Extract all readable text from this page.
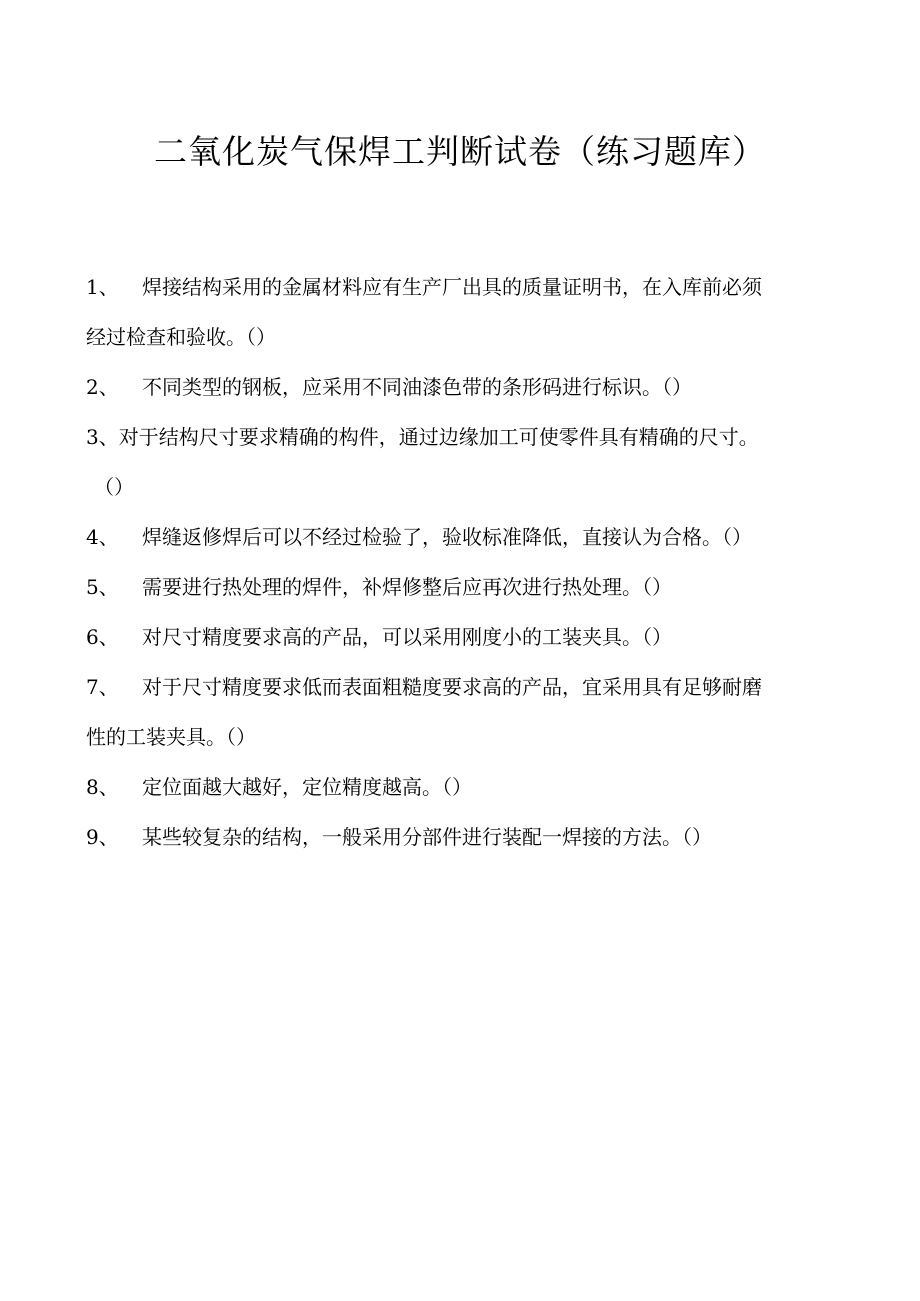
二氧化炭气保焊工判断试卷（练习题库）
1、 焊接结构采用的金属材料应有生产厂出具的质量证明书，在入库前必须
经过检查和验收。（）
2、 不同类型的钢板，应采用不同油漆色带的条形码进行标识。（）
3、对于结构尺寸要求精确的构件，通过边缘加工可使零件具有精确的尺寸。
（）
4、 焊缝返修焊后可以不经过检验了，验收标准降低，直接认为合格。（）
5、 需要进行热处理的焊件，补焊修整后应再次进行热处理。（）
6、 对尺寸精度要求高的产品，可以采用刚度小的工装夹具。（）
7、 对于尺寸精度要求低而表面粗糙度要求高的产品，宜采用具有足够耐磨
性的工装夹具。（）
8、 定位面越大越好，定位精度越高。（）
9、 某些较复杂的结构，一般采用分部件进行装配一焊接的方法。（）
